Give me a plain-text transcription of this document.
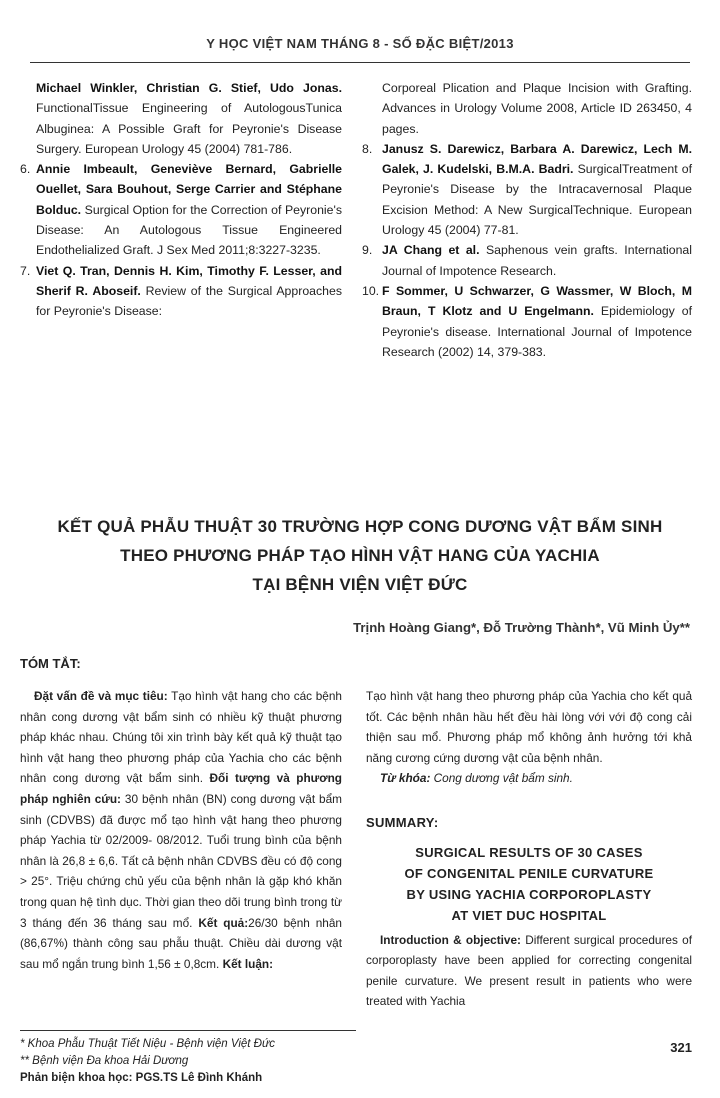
Y HỌC VIỆT NAM THÁNG 8 - SỐ ĐẶC BIỆT/2013
Michael Winkler, Christian G. Stief, Udo Jonas. FunctionalTissue Engineering of AutologousTunica Albuginea: A Possible Graft for Peyronie's Disease Surgery. European Urology 45 (2004) 781-786.
6. Annie Imbeault, Geneviève Bernard, Gabrielle Ouellet, Sara Bouhout, Serge Carrier and Stéphane Bolduc. Surgical Option for the Correction of Peyronie's Disease: An Autologous Tissue Engineered Endothelialized Graft. J Sex Med 2011;8:3227-3235.
7. Viet Q. Tran, Dennis H. Kim, Timothy F. Lesser, and Sherif R. Aboseif. Review of the Surgical Approaches for Peyronie's Disease:
Corporeal Plication and Plaque Incision with Grafting. Advances in Urology Volume 2008, Article ID 263450, 4 pages.
8. Janusz S. Darewicz, Barbara A. Darewicz, Lech M. Galek, J. Kudelski, B.M.A. Badri. SurgicalTreatment of Peyronie's Disease by the Intracavernosal Plaque Excision Method: A New SurgicalTechnique. European Urology 45 (2004) 77-81.
9. JA Chang et al. Saphenous vein grafts. International Journal of Impotence Research.
10. F Sommer, U Schwarzer, G Wassmer, W Bloch, M Braun, T Klotz and U Engelmann. Epidemiology of Peyronie's disease. International Journal of Impotence Research (2002) 14, 379-383.
KẾT QUẢ PHẪU THUẬT 30 TRƯỜNG HỢP CONG DƯƠNG VẬT BẨM SINH
THEO PHƯƠNG PHÁP TẠO HÌNH VẬT HANG CỦA YACHIA
TẠI BỆNH VIỆN VIỆT ĐỨC
Trịnh Hoàng Giang*, Đỗ Trường Thành*, Vũ Minh Ủy**
TÓM TẮT:

Đặt vấn đề và mục tiêu: Tạo hình vật hang cho các bệnh nhân cong dương vật bẩm sinh có nhiều kỹ thuật phương pháp khác nhau. Chúng tôi xin trình bày kết quả kỹ thuật tạo hình vật hang theo phương pháp của Yachia cho các bệnh nhân cong dương vật bẩm sinh. Đối tượng và phương pháp nghiên cứu: 30 bệnh nhân (BN) cong dương vật bẩm sinh (CDVBS) đã được mổ tạo hình vật hang theo phương pháp Yachia từ 02/2009- 08/2012. Tuổi trung bình của bệnh nhân là 26,8 ± 6,6. Tất cả bệnh nhân CDVBS đều có độ cong > 25°. Triệu chứng chủ yếu của bệnh nhân là gặp khó khăn trong quan hệ tình dục. Thời gian theo dõi trung bình trong từ 3 tháng đến 36 tháng sau mổ. Kết quả:26/30 bệnh nhân (86,67%) thành công sau phẫu thuật. Chiều dài dương vật sau mổ ngắn trung bình 1,56 ± 0,8cm. Kết luận:

Tạo hình vật hang theo phương pháp của Yachia cho kết quả tốt. Các bệnh nhân hầu hết đều hài lòng với với độ cong cải thiện sau mổ. Phương pháp mổ không ảnh hưởng tới khả năng cương cứng dương vật của bệnh nhân.

Từ khóa: Cong dương vật bẩm sinh.

SUMMARY:
SURGICAL RESULTS OF 30 CASES
OF CONGENITAL PENILE CURVATURE
BY USING YACHIA CORPOROPLASTY
AT VIET DUC HOSPITAL

Introduction & objective: Different surgical procedures of corporoplasty have been applied for correcting congenital penile curvature. We present result in patients who were treated with Yachia

* Khoa Phẫu Thuật Tiết Niệu - Bệnh viện Việt Đức
** Bệnh viện Đa khoa Hải Dương
Phản biện khoa học: PGS.TS Lê Đình Khánh
321
